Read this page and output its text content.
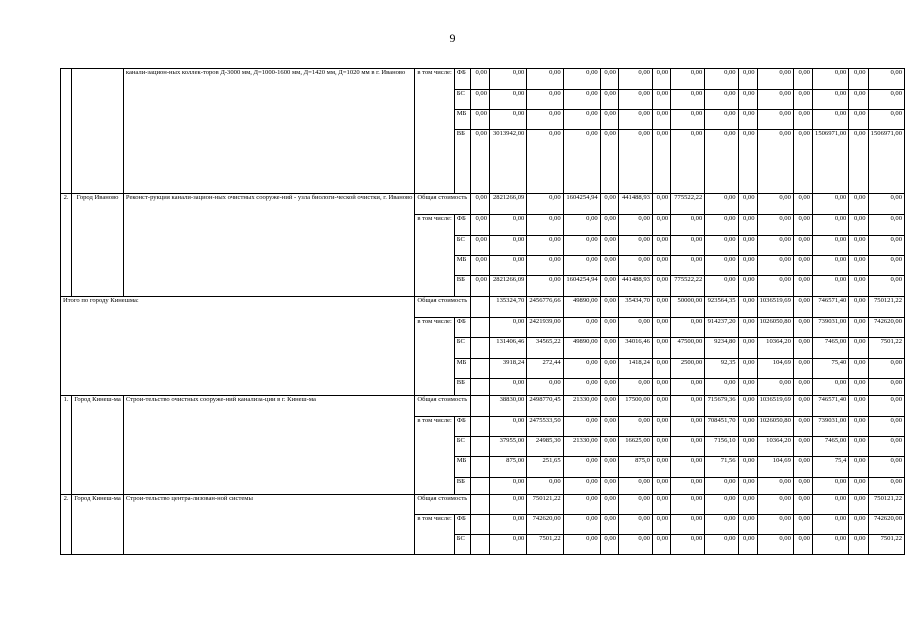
9
		канали-зацион-ных коллек-торов Д-3000 мм, Д=1000-1600 мм, Д=1420 мм, Д=1020 мм в г. Иваново	в том числе:	ФБ	0,00	0,00	0,00	0,00	0,00	0,00	0,00	0,00	0,00	0,00	0,00	0,00	0,00	0,00	0,00
				БС	0,00	0,00	0,00	0,00	0,00	0,00	0,00	0,00	0,00	0,00	0,00	0,00	0,00	0,00	0,00
				МБ	0,00	0,00	0,00	0,00	0,00	0,00	0,00	0,00	0,00	0,00	0,00	0,00	0,00	0,00	0,00
				ВБ	0,00	3013942,00	0,00	0,00	0,00	0,00	0,00	0,00	0,00	0,00	0,00	0,00	1506971,00	0,00	1506971,00
2.	Город Иваново	Реконст-рукция канали-зацион-ных очистных сооруже-ний - узла биологи-ческой очистки, г. Иваново	Общая стоимость		0,00	2821266,09	0,00	1604254,94	0,00	441488,93	0,00	775522,22	0,00	0,00	0,00	0,00	0,00	0,00	0,00
			в том числе:	ФБ	0,00	0,00	0,00	0,00	0,00	0,00	0,00	0,00	0,00	0,00	0,00	0,00	0,00	0,00	0,00
				БС	0,00	0,00	0,00	0,00	0,00	0,00	0,00	0,00	0,00	0,00	0,00	0,00	0,00	0,00	0,00
				МБ	0,00	0,00	0,00	0,00	0,00	0,00	0,00	0,00	0,00	0,00	0,00	0,00	0,00	0,00	0,00
				ВБ	0,00	2821266,09	0,00	1604254,94	0,00	441488,93	0,00	775522,22	0,00	0,00	0,00	0,00	0,00	0,00	0,00
Итого по городу Кинешма:			Общая стоимость			135324,70	2456776,66	49890,00	0,00	35434,70	0,00	50000,00	923564,35	0,00	1036519,69	0,00	746571,40	0,00	750121,22
			в том числе:	ФБ		0,00	2421939,00	0,00	0,00	0,00	0,00	0,00	914237,20	0,00	1026050,80	0,00	739031,00	0,00	742620,00
				БС		131406,46	34565,22	49890,00	0,00	34016,46	0,00	47500,00	9234,80	0,00	10364,20	0,00	7465,00	0,00	7501,22
				МБ		3918,24	272,44	0,00	0,00	1418,24	0,00	2500,00	92,35	0,00	104,69	0,00	75,40	0,00	0,00
				ВБ		0,00	0,00	0,00	0,00	0,00	0,00	0,00	0,00	0,00	0,00	0,00	0,00	0,00	0,00
1.	Город Кинеш-ма	Строи-тельство очистных сооруже-ний канализа-ции в г. Кинеш-ма	Общая стоимость			38830,00	2498770,45	21330,00	0,00	17500,00	0,00	0,00	715679,36	0,00	1036519,69	0,00	746571,40	0,00	0,00
			в том числе:	ФБ		0,00	2475533,50	0,00	0,00	0,00	0,00	0,00	708451,70	0,00	1026050,80	0,00	739031,00	0,00	0,00
				БС		37955,00	24985,30	21330,00	0,00	16625,00	0,00	0,00	7156,10	0,00	10364,20	0,00	7465,00	0,00	0,00
				МБ		875,00	251,65	0,00	0,00	875,0	0,00	0,00	71,56	0,00	104,69	0,00	75,4	0,00	0,00
				ВБ		0,00	0,00	0,00	0,00	0,00	0,00	0,00	0,00	0,00	0,00	0,00	0,00	0,00	0,00
2.	Город Кинеш-ма	Строи-тельство центра-лизован-ной системы	Общая стоимость			0,00	750121,22	0,00	0,00	0,00	0,00	0,00	0,00	0,00	0,00	0,00	0,00	0,00	750121,22
			в том числе:	ФБ		0,00	742620,00	0,00	0,00	0,00	0,00	0,00	0,00	0,00	0,00	0,00	0,00	0,00	742620,00
				БС		0,00	7501,22	0,00	0,00	0,00	0,00	0,00	0,00	0,00	0,00	0,00	0,00	0,00	7501,22
